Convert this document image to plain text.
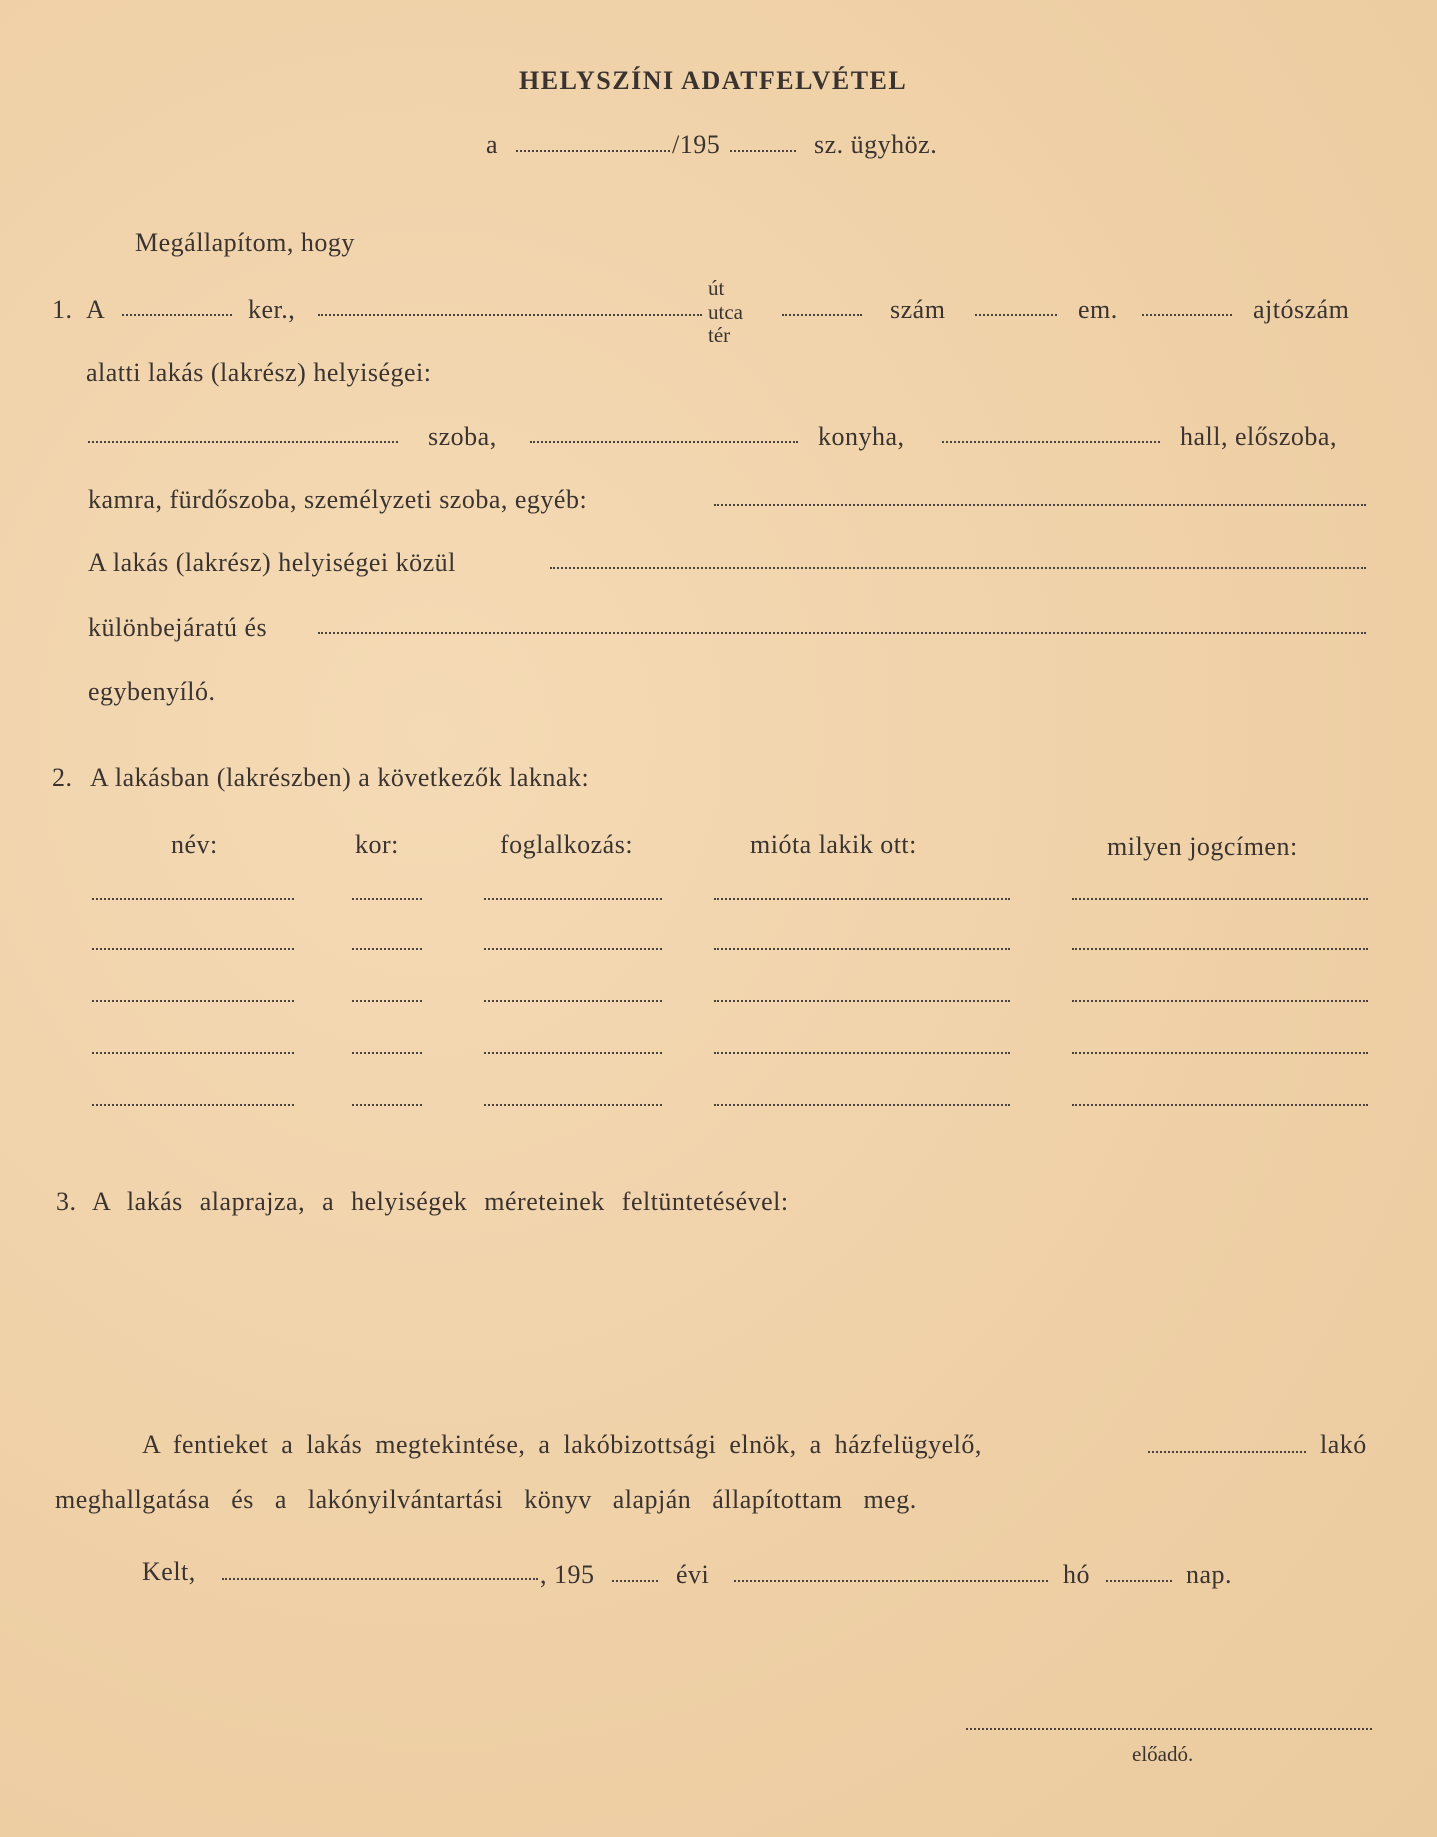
HELYSZÍNI ADATFELVÉTEL
a	/195	sz. ügyhöz.
Megállapítom, hogy
1. A	ker.,
út
utca
tér
szám	em.	ajtószám
alatti lakás (lakrész) helyiségei:
szoba,	konyha,	hall, előszoba,
kamra, fürdőszoba, személyzeti szoba, egyéb:
A lakás (lakrész) helyiségei közül
különbejáratú és
egybenyíló.
2. A lakásban (lakrészben) a következők laknak:
név:	kor:	foglalkozás:	mióta lakik ott:	milyen jogcímen:
3. A lakás alaprajza, a helyiségek méreteinek feltüntetésével:
A fentieket a lakás megtekintése, a lakóbizottsági elnök, a házfelügyelő,	lakó
meghallgatása és a lakónyilvántartási könyv alapján állapítottam meg.
Kelt,	, 195	évi	hó	nap.
előadó.
